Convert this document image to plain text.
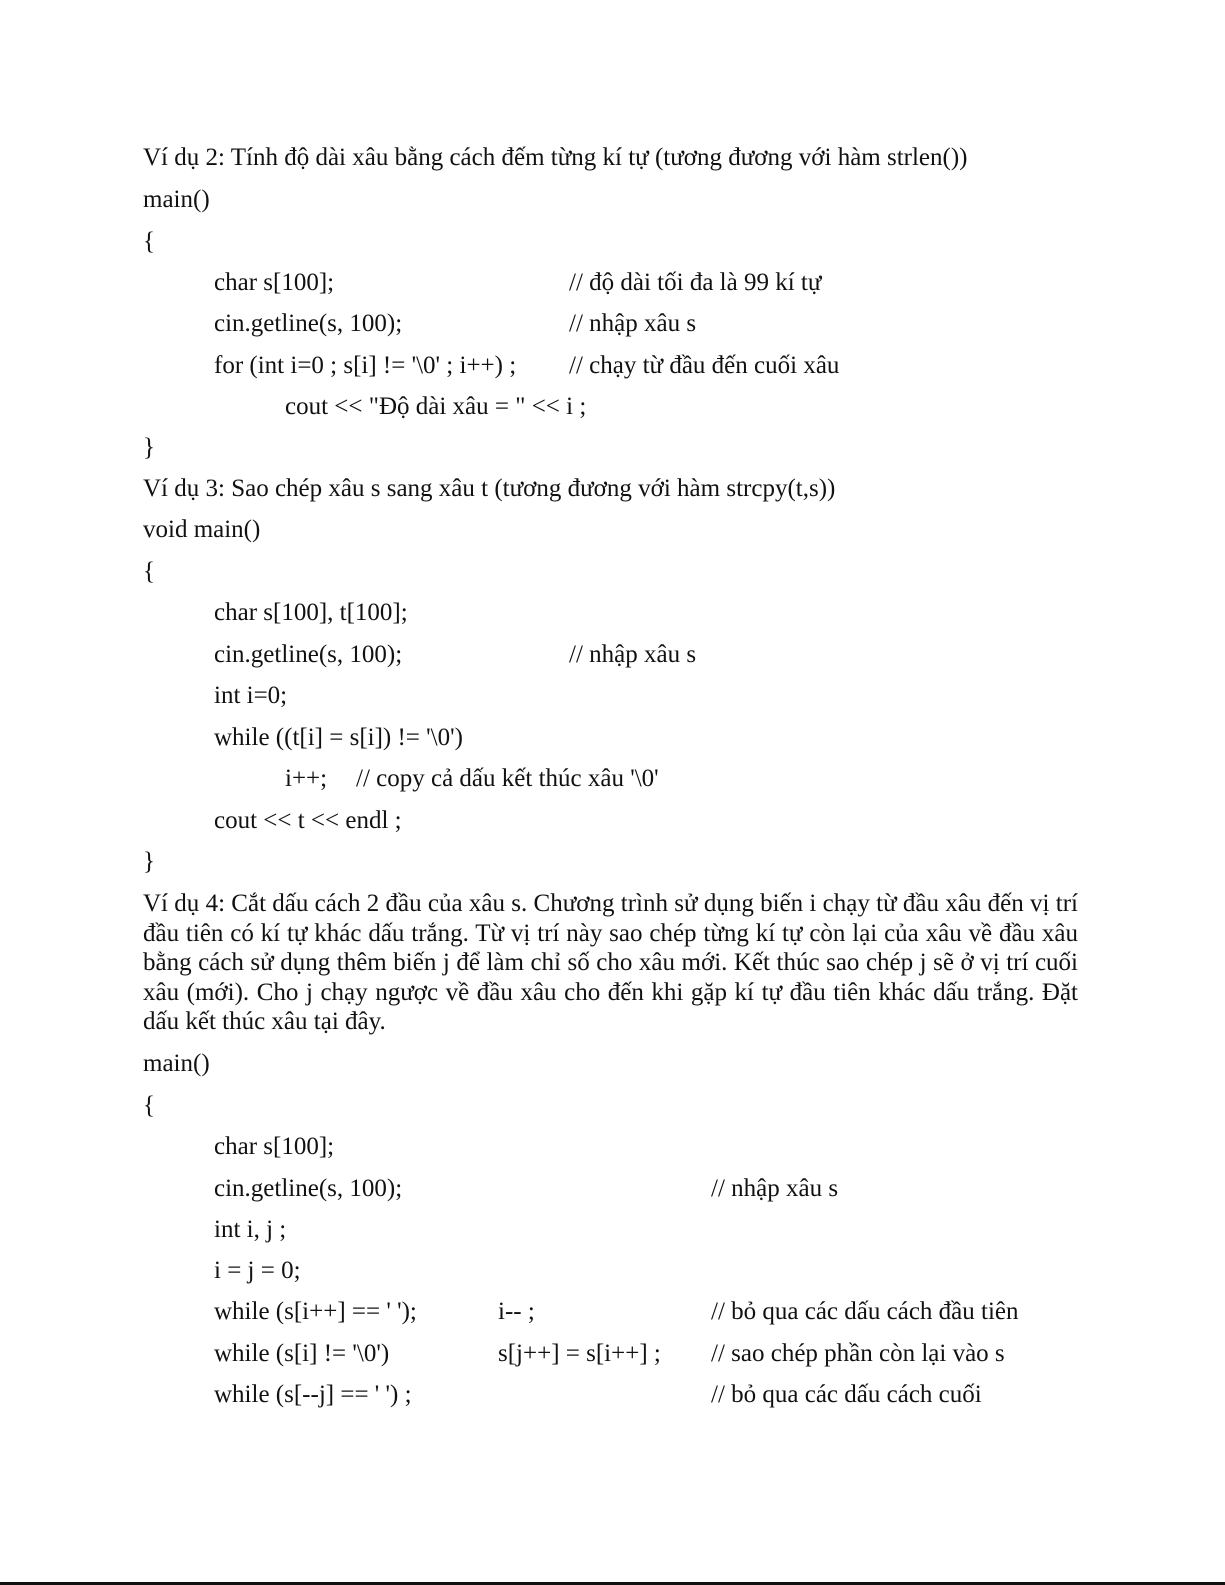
Ví dụ 2: Tính độ dài xâu bằng cách đếm từng kí tự (tương đương với hàm strlen())
main()
{
char s[100];	// độ dài tối đa là 99 kí tự
cin.getline(s, 100);	// nhập xâu s
for (int i=0 ; s[i] != '\0' ; i++) ; // chạy từ đầu đến cuối xâu
cout << "Độ dài xâu = " << i ;
}
Ví dụ 3: Sao chép xâu s sang xâu t (tương đương với hàm strcpy(t,s))
void main()
{
char s[100], t[100];
cin.getline(s, 100);	// nhập xâu s
int i=0;
while ((t[i] = s[i]) != '\0')
i++; // copy cả dấu kết thúc xâu '\0'
cout << t << endl ;
}
Ví dụ 4: Cắt dấu cách 2 đầu của xâu s. Chương trình sử dụng biến i chạy từ đầu xâu đến vị trí đầu tiên có kí tự khác dấu trắng. Từ vị trí này sao chép từng kí tự còn lại của xâu về đầu xâu bằng cách sử dụng thêm biến j để làm chỉ số cho xâu mới. Kết thúc sao chép j sẽ ở vị trí cuối xâu (mới). Cho j chạy ngược về đầu xâu cho đến khi gặp kí tự đầu tiên khác dấu trắng. Đặt dấu kết thúc xâu tại đây.
main()
{
char s[100];
cin.getline(s, 100);	// nhập xâu s
int i, j ;
i = j = 0;
while (s[i++] == ' ');	i-- ;	// bỏ qua các dấu cách đầu tiên
while (s[i] != '\0')	s[j++] = s[i++] ; // sao chép phần còn lại vào s
while (s[--j] == ' ') ;	// bỏ qua các dấu cách cuối
